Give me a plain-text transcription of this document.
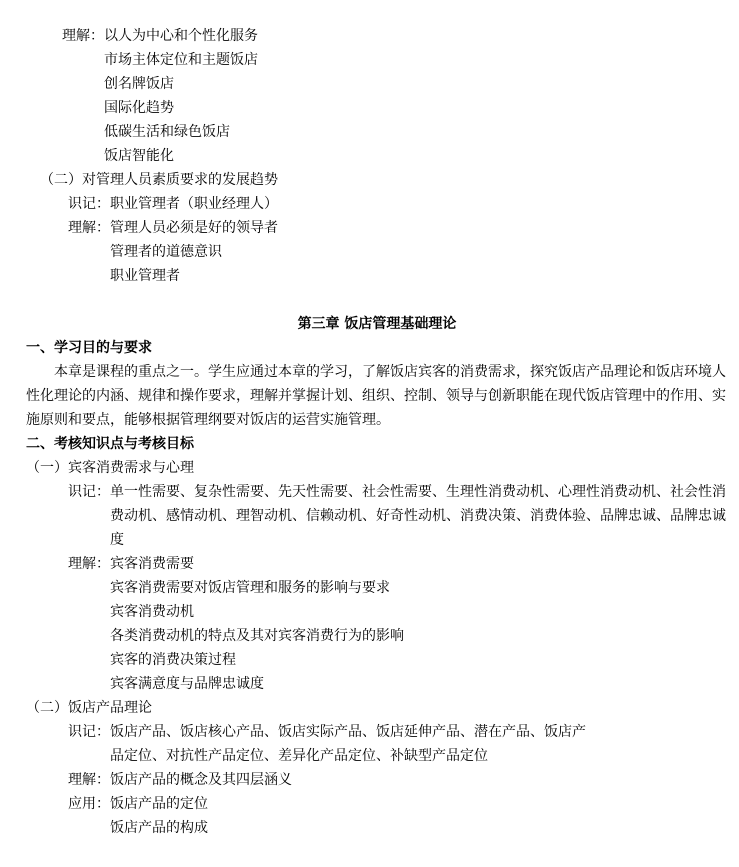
理解：以人为中心和个性化服务
市场主体定位和主题饭店
创名牌饭店
国际化趋势
低碳生活和绿色饭店
饭店智能化
（二）对管理人员素质要求的发展趋势
识记：职业管理者（职业经理人）
理解：管理人员必须是好的领导者
管理者的道德意识
职业管理者
第三章 饭店管理基础理论
一、学习目的与要求
本章是课程的重点之一。学生应通过本章的学习，了解饭店宾客的消费需求，探究饭店产品理论和饭店环境人
性化理论的内涵、规律和操作要求，理解并掌握计划、组织、控制、领导与创新职能在现代饭店管理中的作用、实
施原则和要点，能够根据管理纲要对饭店的运营实施管理。
二、考核知识点与考核目标
（一）宾客消费需求与心理
识记：单一性需要、复杂性需要、先天性需要、社会性需要、生理性消费动机、心理性消费动机、社会性消
费动机、感情动机、理智动机、信赖动机、好奇性动机、消费决策、消费体验、品牌忠诚、品牌忠诚
度
理解：宾客消费需要
宾客消费需要对饭店管理和服务的影响与要求
宾客消费动机
各类消费动机的特点及其对宾客消费行为的影响
宾客的消费决策过程
宾客满意度与品牌忠诚度
（二）饭店产品理论
识记：饭店产品、饭店核心产品、饭店实际产品、饭店延伸产品、潜在产品、饭店产
品定位、对抗性产品定位、差异化产品定位、补缺型产品定位
理解：饭店产品的概念及其四层涵义
应用：饭店产品的定位
饭店产品的构成
